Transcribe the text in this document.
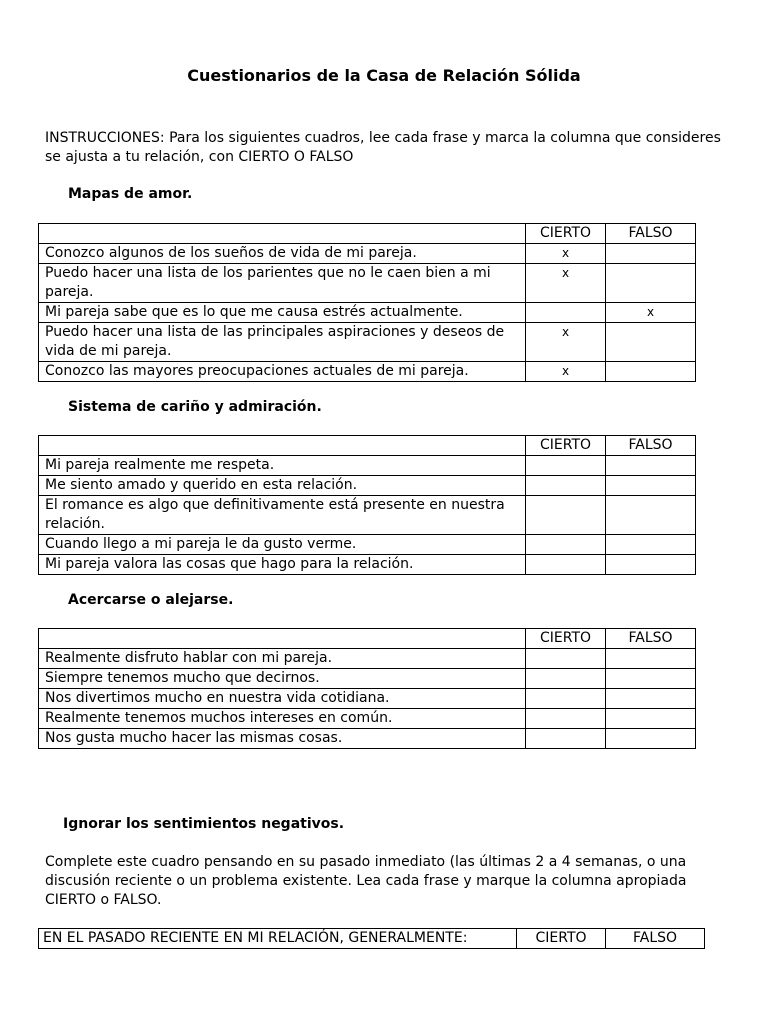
Cuestionarios de la Casa de Relación Sólida
INSTRUCCIONES: Para los siguientes cuadros, lee cada frase y marca la columna que consideres se ajusta a tu relación, con CIERTO O FALSO
Mapas de amor.
	CIERTO	FALSO
Conozco algunos de los sueños de vida de mi pareja.	x	
Puedo hacer una lista de los parientes que no le caen bien a mi pareja.	x	
Mi pareja sabe que es lo que me causa estrés actualmente.		x
Puedo hacer una lista de las principales aspiraciones y deseos de vida de mi pareja.	x	
Conozco las mayores preocupaciones actuales de mi pareja.	x	
Sistema de cariño y admiración.
	CIERTO	FALSO
Mi pareja realmente me respeta.		
Me siento amado y querido en esta relación.		
El romance es algo que definitivamente está presente en nuestra relación.		
Cuando llego a mi pareja le da gusto verme.		
Mi pareja valora las cosas que hago para la relación.		
Acercarse o alejarse.
	CIERTO	FALSO
Realmente disfruto hablar con mi pareja.		
Siempre tenemos mucho que decirnos.		
Nos divertimos mucho en nuestra vida cotidiana.		
Realmente tenemos muchos intereses en común.		
Nos gusta mucho hacer las mismas cosas.		
Ignorar los sentimientos negativos.
Complete este cuadro pensando en su pasado inmediato (las últimas 2 a 4 semanas, o una discusión reciente o un problema existente. Lea cada frase y marque la columna apropiada CIERTO o FALSO.
EN EL PASADO RECIENTE EN MI RELACIÓN, GENERALMENTE:	CIERTO	FALSO
